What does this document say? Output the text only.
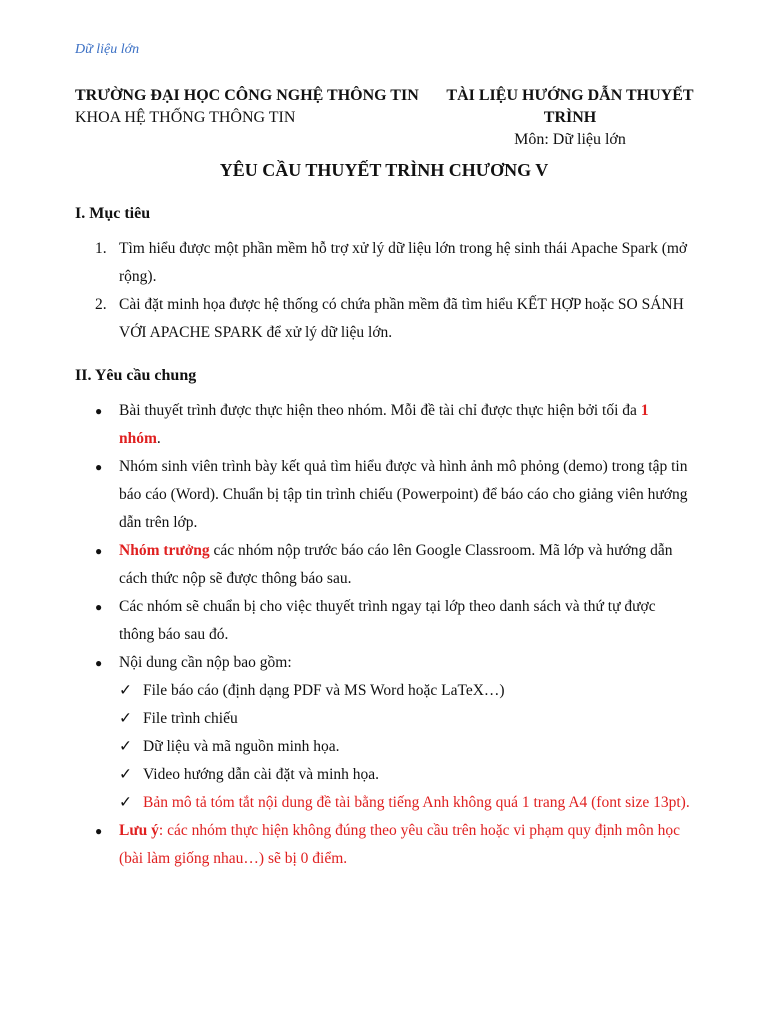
Dữ liệu lớn
TRƯỜNG ĐẠI HỌC CÔNG NGHỆ THÔNG TIN
KHOA HỆ THỐNG THÔNG TIN
TÀI LIỆU HƯỚNG DẪN THUYẾT TRÌNH
Môn: Dữ liệu lớn
YÊU CẦU THUYẾT TRÌNH CHƯƠNG V
I. Mục tiêu
1. Tìm hiểu được một phần mềm hỗ trợ xử lý dữ liệu lớn trong hệ sinh thái Apache Spark (mở rộng).
2. Cài đặt minh họa được hệ thống có chứa phần mềm đã tìm hiểu KẾT HỢP hoặc SO SÁNH VỚI APACHE SPARK để xử lý dữ liệu lớn.
II. Yêu cầu chung
● Bài thuyết trình được thực hiện theo nhóm. Mỗi đề tài chỉ được thực hiện bởi tối đa 1 nhóm.
● Nhóm sinh viên trình bày kết quả tìm hiểu được và hình ảnh mô phỏng (demo) trong tập tin báo cáo (Word). Chuẩn bị tập tin trình chiếu (Powerpoint) để báo cáo cho giảng viên hướng dẫn trên lớp.
● Nhóm trưởng các nhóm nộp trước báo cáo lên Google Classroom. Mã lớp và hướng dẫn cách thức nộp sẽ được thông báo sau.
● Các nhóm sẽ chuẩn bị cho việc thuyết trình ngay tại lớp theo danh sách và thứ tự được thông báo sau đó.
● Nội dung cần nộp bao gồm:
✓ File báo cáo (định dạng PDF và MS Word hoặc LaTeX…)
✓ File trình chiếu
✓ Dữ liệu và mã nguồn minh họa.
✓ Video hướng dẫn cài đặt và minh họa.
✓ Bản mô tả tóm tắt nội dung đề tài bằng tiếng Anh không quá 1 trang A4 (font size 13pt).
● Lưu ý: các nhóm thực hiện không đúng theo yêu cầu trên hoặc vi phạm quy định môn học (bài làm giống nhau…) sẽ bị 0 điểm.
